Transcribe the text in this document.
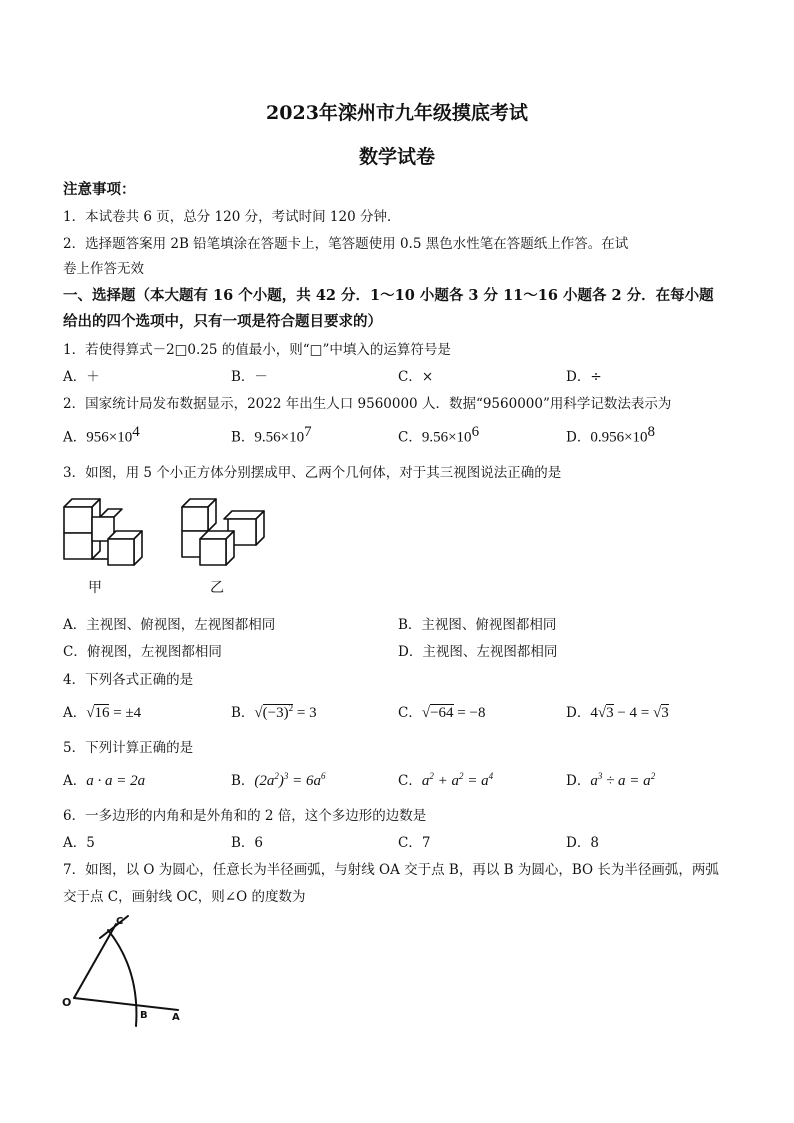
2023年滦州市九年级摸底考试
数学试卷
注意事项：
1．本试卷共 6 页，总分 120 分，考试时间 120 分钟．
2．选择题答案用 2B 铅笔填涂在答题卡上，笔答题使用 0.5 黑色水性笔在答题纸上作答。在试
卷上作答无效
一、选择题（本大题有 16 个小题，共 42 分．1～10 小题各 3 分 11～16 小题各 2 分．在每小题
给出的四个选项中，只有一项是符合题目要求的）
1．若使得算式－2□0.25 的值最小，则“□”中填入的运算符号是
A．＋	B．－	C．×	D．÷
2．国家统计局发布数据显示，2022 年出生人口 9560000 人．数据“9560000”用科学记数法表示为
A．$956\times 10^4$	B．$9.56\times 10^7$	C．$9.56\times 10^6$	D．$0.956\times 10^8$
3．如图，用 5 个小正方体分别摆成甲、乙两个几何体，对于其三视图说法正确的是
甲	乙
A．主视图、俯视图，左视图都相同	B．主视图、俯视图都相同
C．俯视图，左视图都相同	D．主视图、左视图都相同
4．下列各式正确的是
A．√16 = ±4	B．$√(-3)^2 = 3$	C．√−64 = −8	D．4√3 − 4 = √3
5．下列计算正确的是
A．a · a = 2a	B．$(2a^2)^3 = 6a^6$	C．$a^2 + a^2 = a^4$	D．$a^3 \div a = a^2$
6．一多边形的内角和是外角和的 2 倍，这个多边形的边数是
A．5	B．6	C．7	D．8
7．如图，以 O 为圆心，任意长为半径画弧，与射线 OA 交于点 B，再以 B 为圆心，BO 长为半径画弧，两弧
交于点 C，画射线 OC，则∠O 的度数为
O
B A
C
